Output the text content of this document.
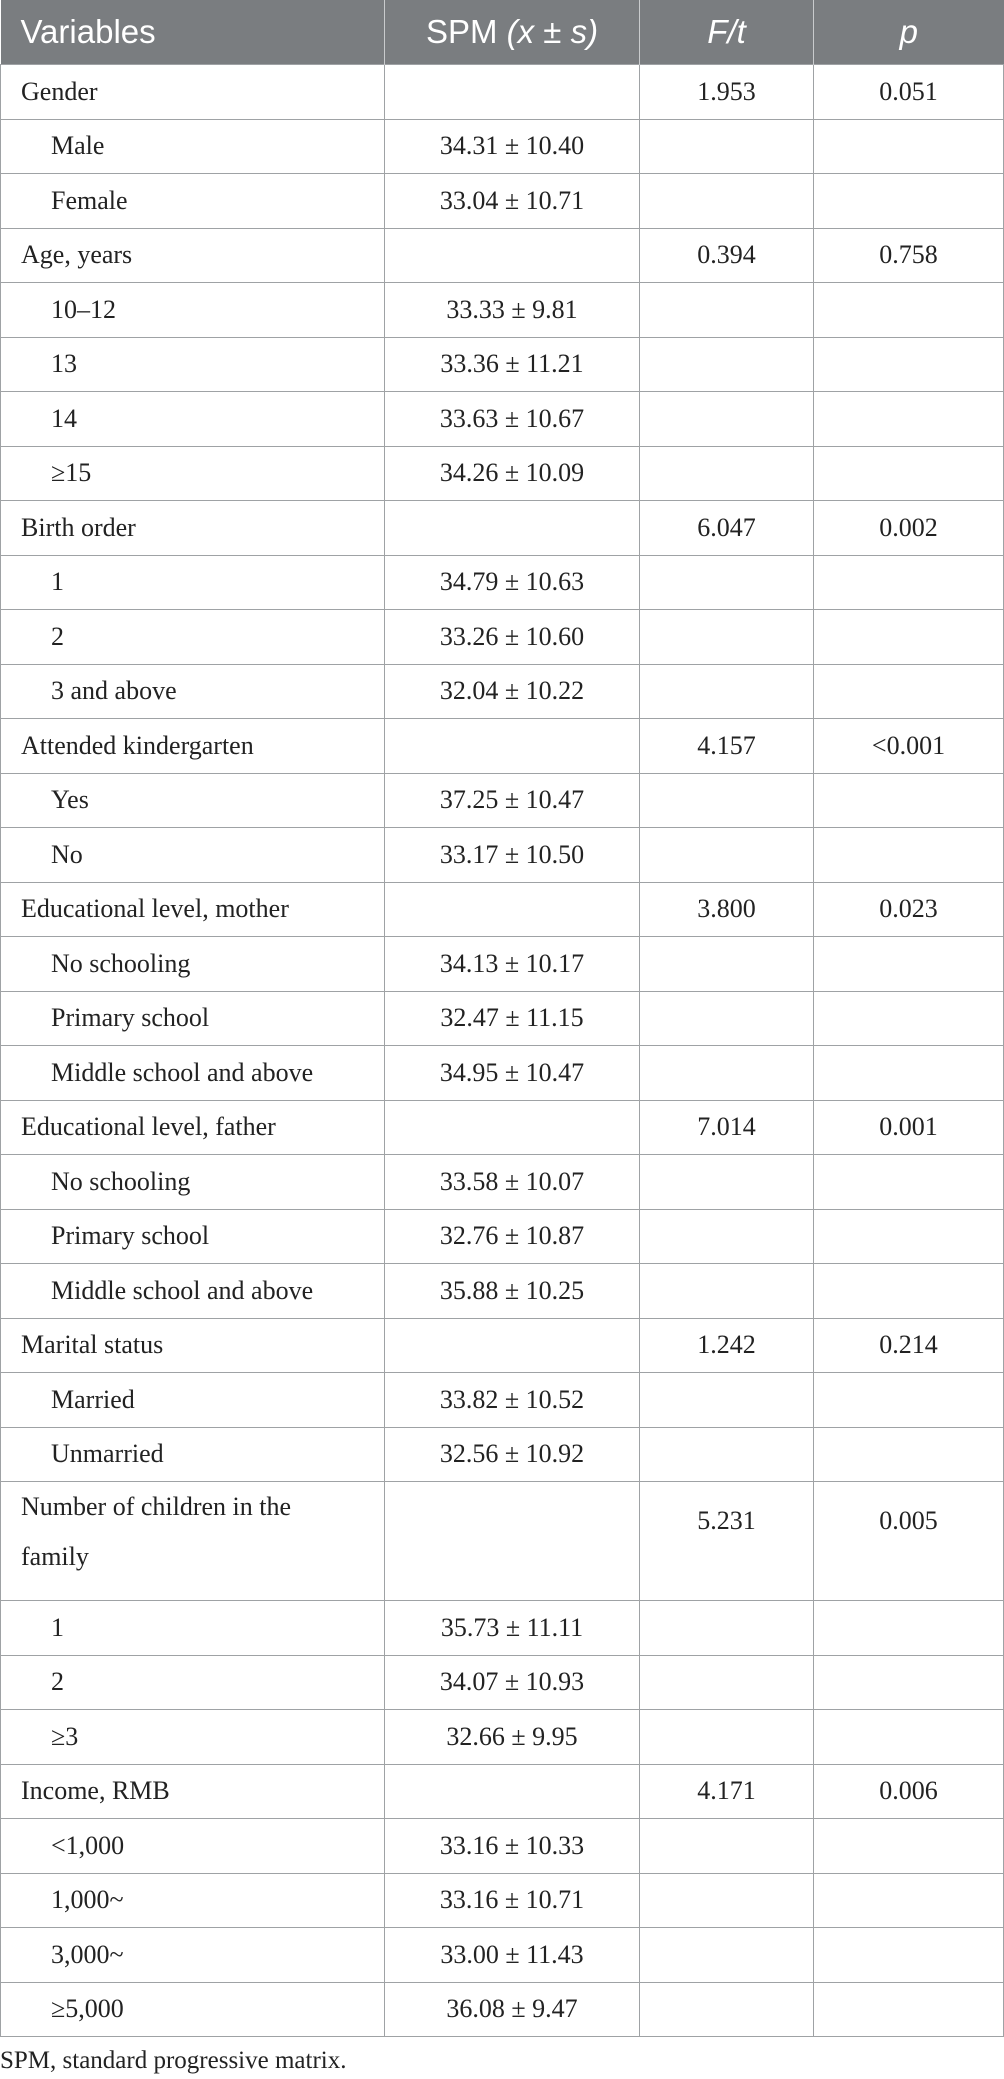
Variables	SPM (x ± s)	F/t	p
Gender		1.953	0.051
Male	34.31 ± 10.40		
Female	33.04 ± 10.71		
Age, years		0.394	0.758
10–12	33.33 ± 9.81		
13	33.36 ± 11.21		
14	33.63 ± 10.67		
≥15	34.26 ± 10.09		
Birth order		6.047	0.002
1	34.79 ± 10.63		
2	33.26 ± 10.60		
3 and above	32.04 ± 10.22		
Attended kindergarten		4.157	<0.001
Yes	37.25 ± 10.47		
No	33.17 ± 10.50		
Educational level, mother		3.800	0.023
No schooling	34.13 ± 10.17		
Primary school	32.47 ± 11.15		
Middle school and above	34.95 ± 10.47		
Educational level, father		7.014	0.001
No schooling	33.58 ± 10.07		
Primary school	32.76 ± 10.87		
Middle school and above	35.88 ± 10.25		
Marital status		1.242	0.214
Married	33.82 ± 10.52		
Unmarried	32.56 ± 10.92		
Number of children in the family		5.231	0.005
1	35.73 ± 11.11		
2	34.07 ± 10.93		
≥3	32.66 ± 9.95		
Income, RMB		4.171	0.006
<1,000	33.16 ± 10.33		
1,000~	33.16 ± 10.71		
3,000~	33.00 ± 11.43		
≥5,000	36.08 ± 9.47		
SPM, standard progressive matrix.
